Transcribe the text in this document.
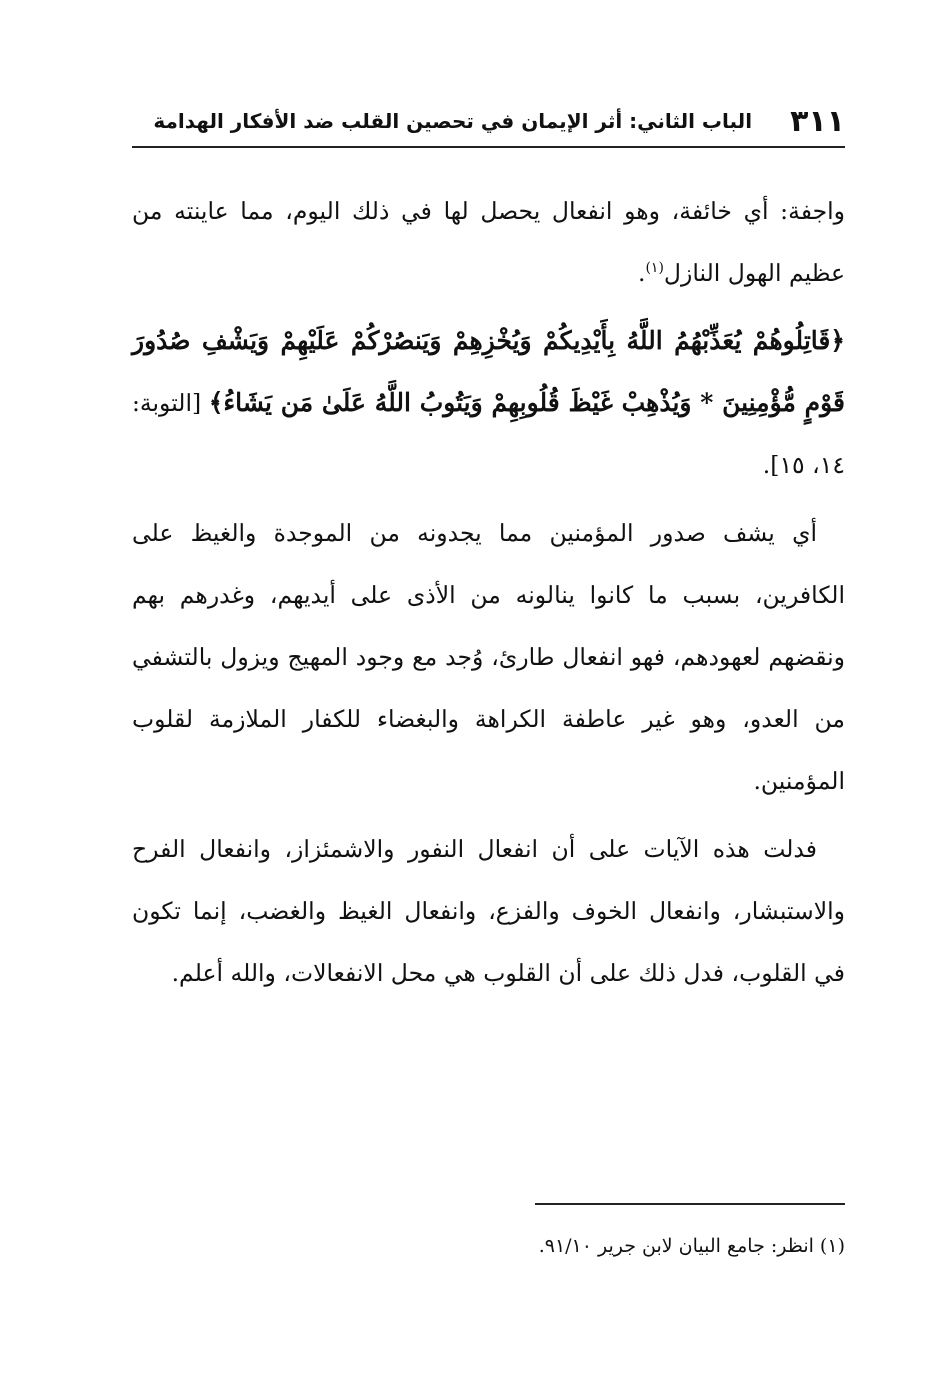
٣١١
الباب الثاني: أثر الإيمان في تحصين القلب ضد الأفكار الهدامة

واجفة: أي خائفة، وهو انفعال يحصل لها في ذلك اليوم، مما عاينته من عظيم الهول النازل$^{(١)}$.

﴿قَاتِلُوهُمْ يُعَذِّبْهُمُ اللَّهُ بِأَيْدِيكُمْ وَيُخْزِهِمْ وَيَنصُرْكُمْ عَلَيْهِمْ وَيَشْفِ صُدُورَ قَوْمٍ مُّؤْمِنِينَ * وَيُذْهِبْ غَيْظَ قُلُوبِهِمْ وَيَتُوبُ اللَّهُ عَلَىٰ مَن يَشَاءُ﴾ [التوبة: ١٤، ١٥].

أي يشف صدور المؤمنين مما يجدونه من الموجدة والغيظ على الكافرين، بسبب ما كانوا ينالونه من الأذى على أيديهم، وغدرهم بهم ونقضهم لعهودهم، فهو انفعال طارئ، وُجد مع وجود المهيج ويزول بالتشفي من العدو، وهو غير عاطفة الكراهة والبغضاء للكفار الملازمة لقلوب المؤمنين.

فدلت هذه الآيات على أن انفعال النفور والاشمئزاز، وانفعال الفرح والاستبشار، وانفعال الخوف والفزع، وانفعال الغيظ والغضب، إنما تكون في القلوب، فدل ذلك على أن القلوب هي محل الانفعالات، والله أعلم.

(١) انظر: جامع البيان لابن جرير ٩١/١٠.
